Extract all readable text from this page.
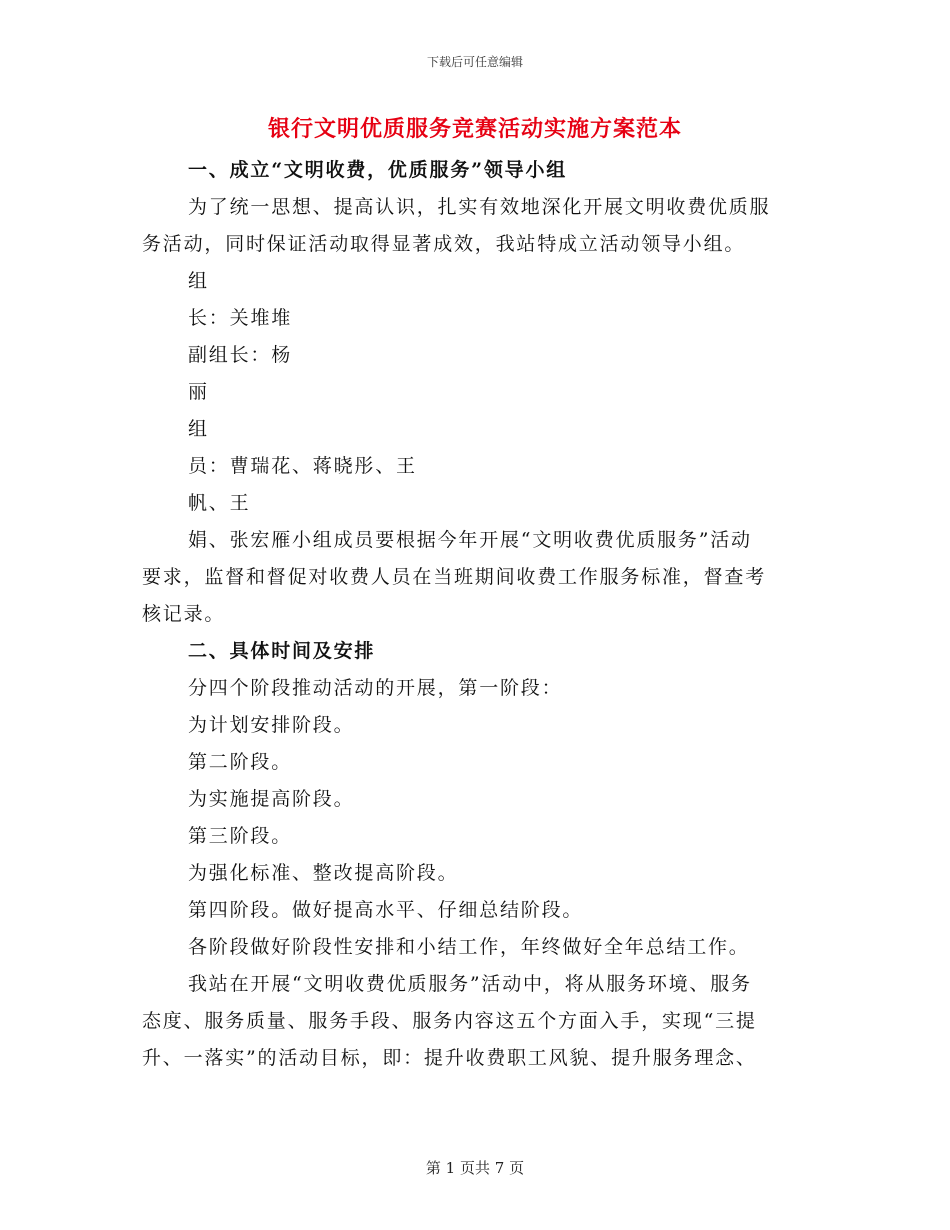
下载后可任意编辑
银行文明优质服务竞赛活动实施方案范本
一、成立“文明收费，优质服务”领导小组
为了统一思想、提高认识，扎实有效地深化开展文明收费优质服
务活动，同时保证活动取得显著成效，我站特成立活动领导小组。
组
长：关堆堆
副组长：杨
丽
组
员：曹瑞花、蒋晓彤、王
帆、王
娟、张宏雁小组成员要根据今年开展“文明收费优质服务”活动
要求，监督和督促对收费人员在当班期间收费工作服务标准，督查考
核记录。
二、具体时间及安排
分四个阶段推动活动的开展，第一阶段：
为计划安排阶段。
第二阶段。
为实施提高阶段。
第三阶段。
为强化标准、整改提高阶段。
第四阶段。做好提高水平、仔细总结阶段。
各阶段做好阶段性安排和小结工作，年终做好全年总结工作。
我站在开展“文明收费优质服务”活动中，将从服务环境、服务
态度、服务质量、服务手段、服务内容这五个方面入手，实现“三提
升、一落实”的活动目标，即：提升收费职工风貌、提升服务理念、
第 1 页共 7 页
